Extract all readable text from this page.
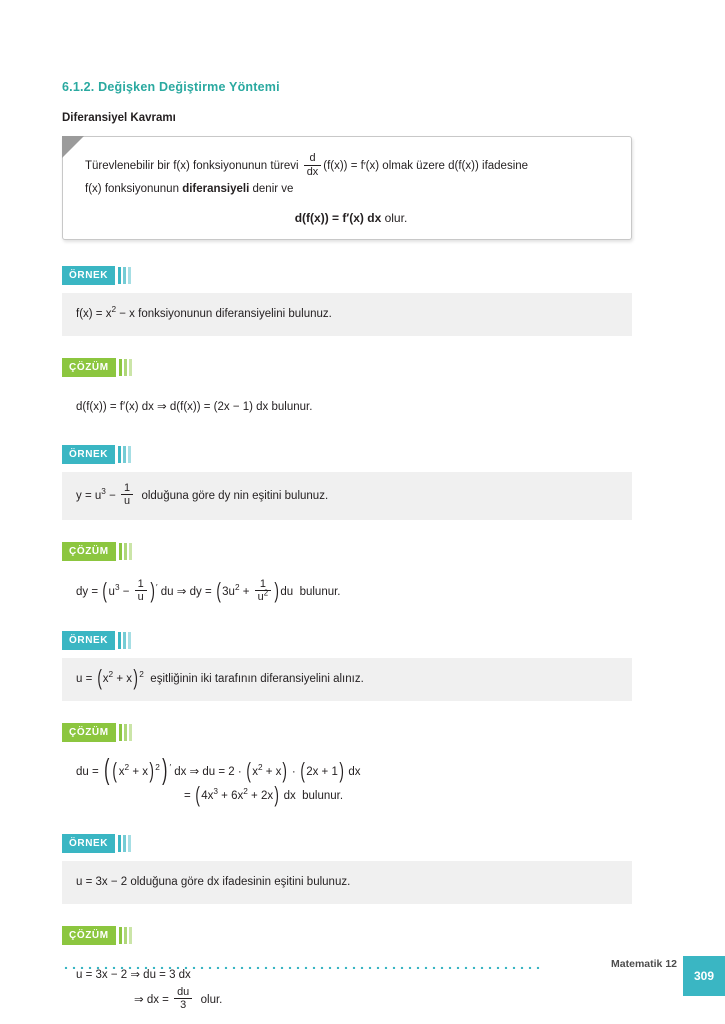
6.1.2. Değişken Değiştirme Yöntemi
Diferansiyel Kavramı
Türevlenebilir bir f(x) fonksiyonunun türevi $\frac{d}{dx} (f(x)) = f'(x)$ olmak üzere d(f(x)) ifadesine
f(x) fonksiyonunun diferansiyeli denir ve
d(f(x)) = f′(x) dx olur.
ÖRNEK
$f(x) = x^2 - x$ fonksiyonunun diferansiyelini bulunuz.
ÇÖZÜM
d(f(x)) = f′(x) dx ⇒ d(f(x)) = (2x − 1) dx bulunur.
ÖRNEK
$y = u^3 - \frac{1}{u}$ olduğuna göre dy nin eşitini bulunuz.
ÇÖZÜM
dy = $(u^3 - \frac{1}{u} )'$ du ⇒ dy = $(3u^2 + \frac{1}{u^2} )du$  bulunur.
ÖRNEK
$u = (x^2 + x)^2$  eşitliğinin iki tarafının diferansiyelini alınız.
ÇÖZÜM
du = ( $(x^2 + x)^2$) ′ dx ⇒ du = $2 \cdot (x^2 + x) \cdot (2x + 1)$ dx
= $(4x^3 + 6x^2 + 2x)$ dx  bulunur.
ÖRNEK
u = 3x − 2 olduğuna göre dx ifadesinin eşitini bulunuz.
ÇÖZÜM
u = 3x − 2 ⇒ du = 3 dx
⇒ dx = $\frac{du}{3}$ olur.
Matematik 12
309
